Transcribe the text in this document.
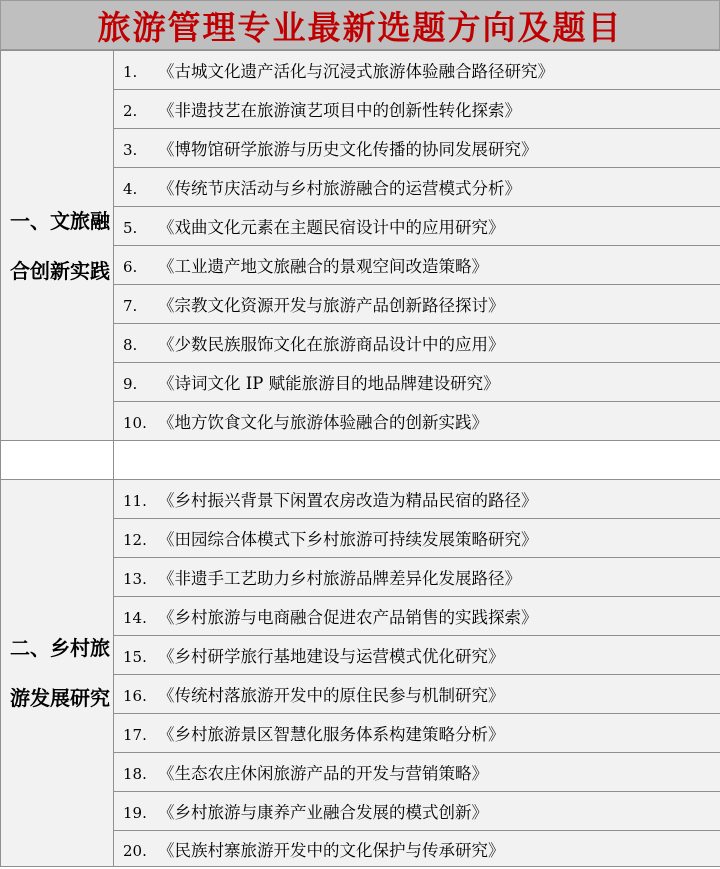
旅游管理专业最新选题方向及题目
一、文旅融合创新实践	1. 《古城文化遗产活化与沉浸式旅游体验融合路径研究》
	2. 《非遗技艺在旅游演艺项目中的创新性转化探索》
	3. 《博物馆研学旅游与历史文化传播的协同发展研究》
	4. 《传统节庆活动与乡村旅游融合的运营模式分析》
	5. 《戏曲文化元素在主题民宿设计中的应用研究》
	6. 《工业遗产地文旅融合的景观空间改造策略》
	7. 《宗教文化资源开发与旅游产品创新路径探讨》
	8. 《少数民族服饰文化在旅游商品设计中的应用》
	9. 《诗词文化 IP 赋能旅游目的地品牌建设研究》
	10. 《地方饮食文化与旅游体验融合的创新实践》

二、乡村旅游发展研究	11. 《乡村振兴背景下闲置农房改造为精品民宿的路径》
	12. 《田园综合体模式下乡村旅游可持续发展策略研究》
	13. 《非遗手工艺助力乡村旅游品牌差异化发展路径》
	14. 《乡村旅游与电商融合促进农产品销售的实践探索》
	15. 《乡村研学旅行基地建设与运营模式优化研究》
	16. 《传统村落旅游开发中的原住民参与机制研究》
	17. 《乡村旅游景区智慧化服务体系构建策略分析》
	18. 《生态农庄休闲旅游产品的开发与营销策略》
	19. 《乡村旅游与康养产业融合发展的模式创新》
	20. 《民族村寨旅游开发中的文化保护与传承研究》
